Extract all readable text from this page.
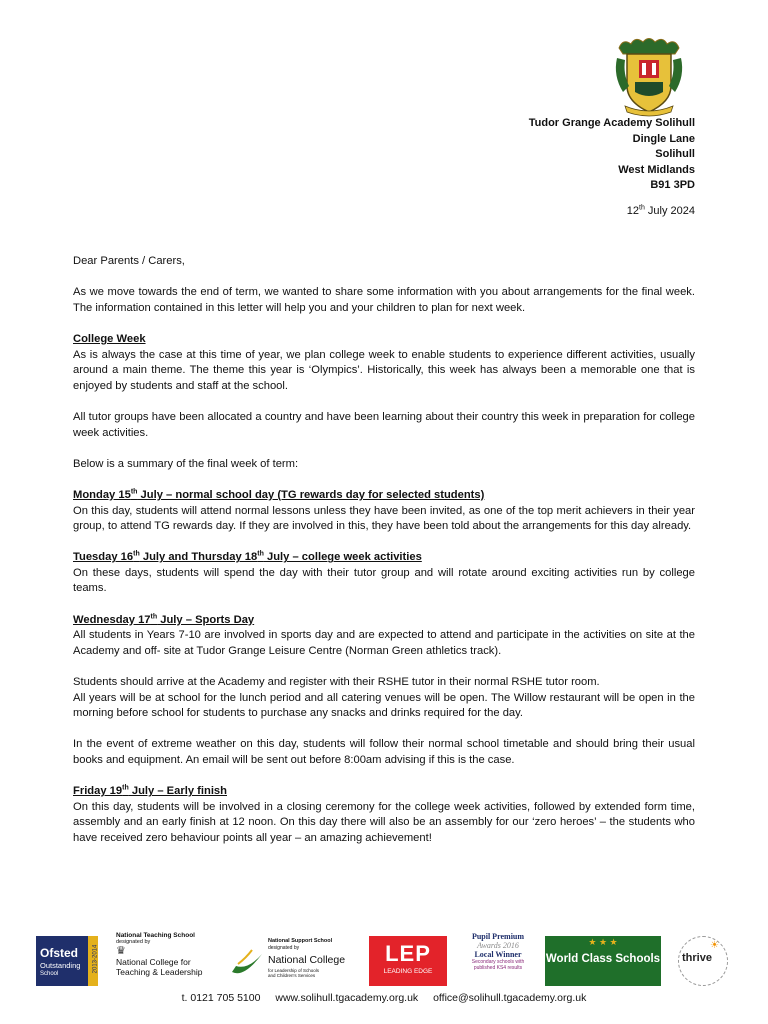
Tudor Grange Academy Solihull
Dingle Lane
Solihull
West Midlands
B91 3PD
12th July 2024

Dear Parents / Carers,

As we move towards the end of term, we wanted to share some information with you about arrangements for the final week. The information contained in this letter will help you and your children to plan for next week.

College Week

As is always the case at this time of year, we plan college week to enable students to experience different activities, usually around a main theme. The theme this year is ‘Olympics’. Historically, this week has always been a memorable one that is enjoyed by students and staff at the school.

All tutor groups have been allocated a country and have been learning about their country this week in preparation for college week activities.

Below is a summary of the final week of term:

Monday 15th July – normal school day (TG rewards day for selected students)

On this day, students will attend normal lessons unless they have been invited, as one of the top merit achievers in their year group, to attend TG rewards day. If they are involved in this, they have been told about the arrangements for this day already.

Tuesday 16th July and Thursday 18th July – college week activities

On these days, students will spend the day with their tutor group and will rotate around exciting activities run by college teams.

Wednesday 17th July – Sports Day

All students in Years 7-10 are involved in sports day and are expected to attend and participate in the activities on site at the Academy and off- site at Tudor Grange Leisure Centre (Norman Green athletics track).

Students should arrive at the Academy and register with their RSHE tutor in their normal RSHE tutor room.

All years will be at school for the lunch period and all catering venues will be open. The Willow restaurant will be open in the morning before school for students to purchase any snacks and drinks required for the day.

In the event of extreme weather on this day, students will follow their normal school timetable and should bring their usual books and equipment. An email will be sent out before 8:00am advising if this is the case.

Friday 19th July – Early finish

On this day, students will be involved in a closing ceremony for the college week activities, followed by extended form time, assembly and an early finish at 12 noon. On this day there will also be an assembly for our ‘zero heroes’ – the students who have received zero behaviour points all year – an amazing achievement!

2013-2014
Ofsted
Outstanding
School
National Teaching School
designated by
♛
National College for
Teaching & Leadership
National Support School
designated by
National College
for Leadership of Schools
and Children's Services
LEP
LEADING EDGE
Pupil Premium
Awards 2016
Local Winner
Secondary schools with
published KS4 results
★ ★ ★
World Class Schools thrive
☀
t. 0121 705 5100 www.solihull.tgacademy.org.uk office@solihull.tgacademy.org.uk
